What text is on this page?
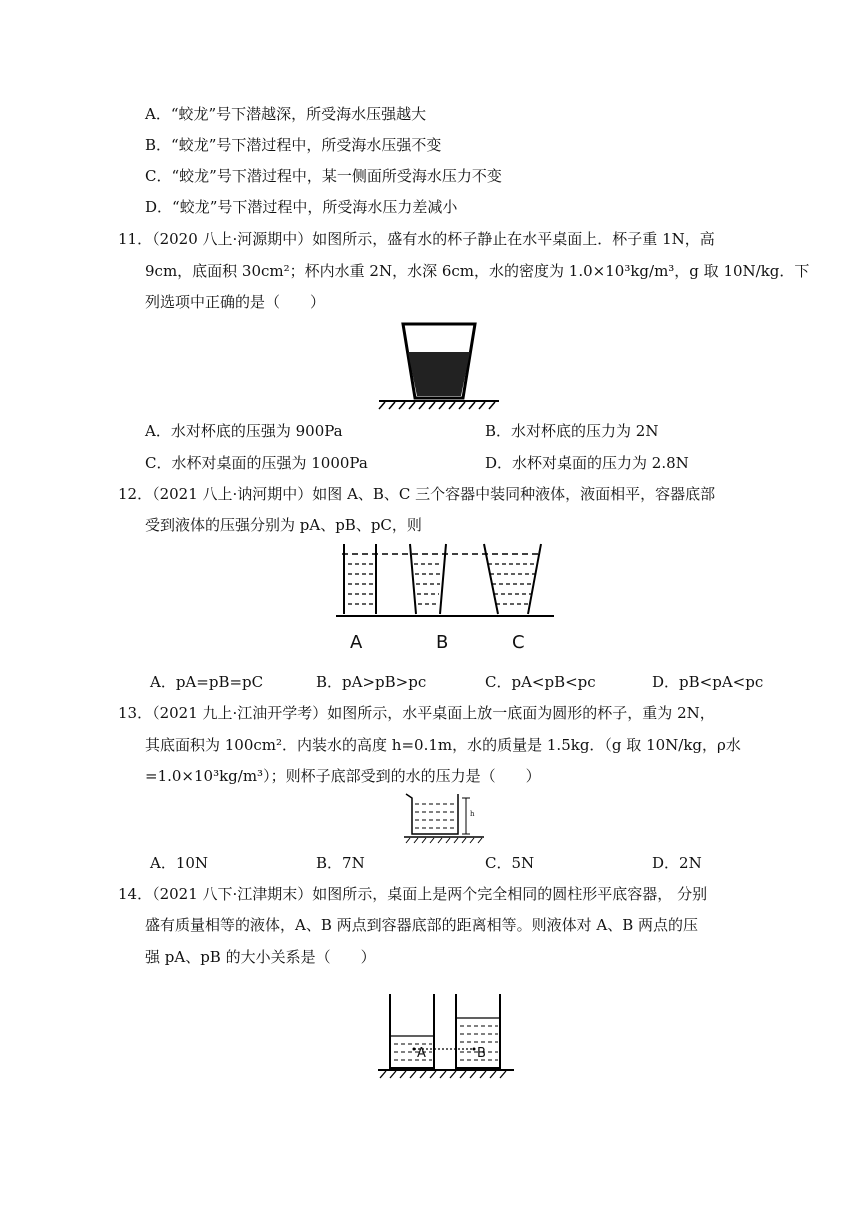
A．“蛟龙”号下潜越深，所受海水压强越大
B．“蛟龙”号下潜过程中，所受海水压强不变
C．“蛟龙”号下潜过程中，某一侧面所受海水压力不变
D．“蛟龙”号下潜过程中，所受海水压力差减小
11．（2020 八上·河源期中）如图所示，盛有水的杯子静止在水平桌面上．杯子重 1N，高
9cm，底面积 30cm²；杯内水重 2N，水深 6cm，水的密度为 1.0×10³kg/m³，g 取 10N/kg．下
列选项中正确的是（　　）
A．水对杯底的压强为 900Pa	B．水对杯底的压力为 2N
C．水杯对桌面的压强为 1000Pa	D．水杯对桌面的压力为 2.8N
12．（2021 八上·讷河期中）如图 A、B、C 三个容器中装同种液体，液面相平，容器底部
受到液体的压强分别为 pA、pB、pC，则
A	B	C
A．pA=pB=pC	B．pA>pB>pc	C．pA<pB<pc	D．pB<pA<pc
13．（2021 九上·江油开学考）如图所示，水平桌面上放一底面为圆形的杯子，重为 2N，
其底面积为 100cm²．内装水的高度 h=0.1m，水的质量是 1.5kg．（g 取 10N/kg，ρ水
=1.0×10³kg/m³）；则杯子底部受到的水的压力是（　　）
h
A．10N	B．7N	C．5N	D．2N
14．（2021 八下·江津期末）如图所示，桌面上是两个完全相同的圆柱形平底容器， 分别
盛有质量相等的液体，A、B 两点到容器底部的距离相等。则液体对 A、B 两点的压
强 pA、pB 的大小关系是（　　）
A	B
